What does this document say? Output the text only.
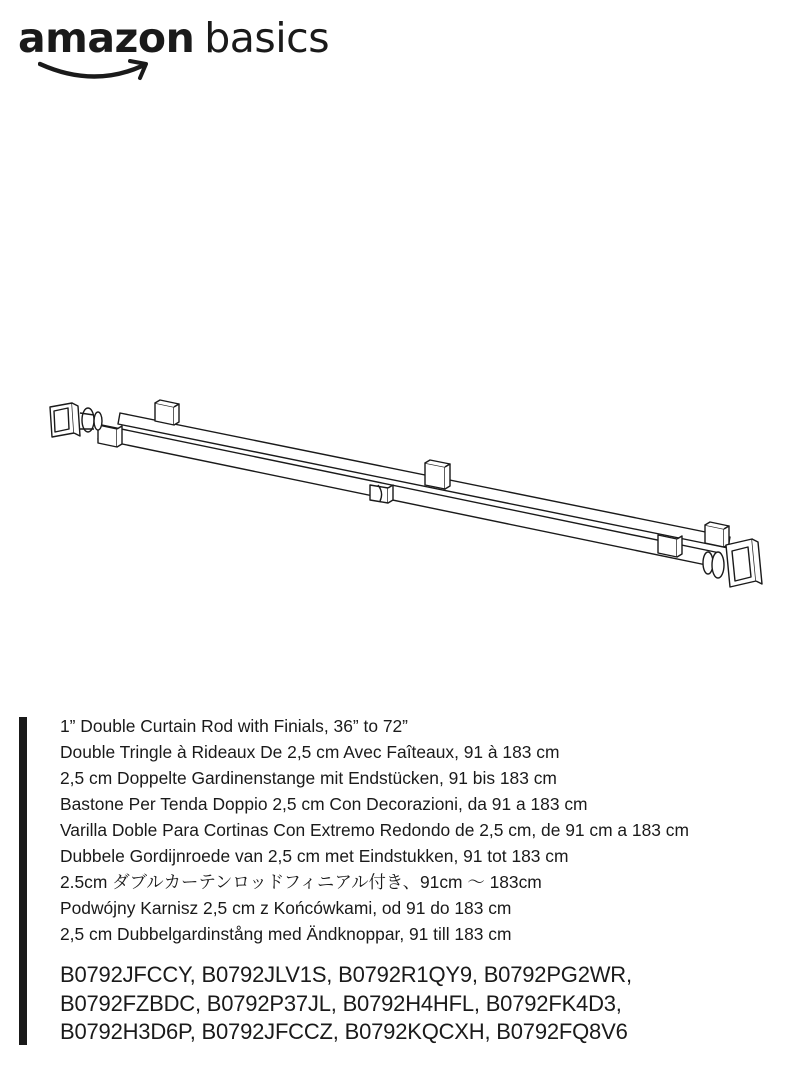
amazon basics
1” Double Curtain Rod with Finials, 36” to 72”
Double Tringle à Rideaux De 2,5 cm Avec Faîteaux, 91 à 183 cm
2,5 cm Doppelte Gardinenstange mit Endstücken, 91 bis 183 cm
Bastone Per Tenda Doppio 2,5 cm Con Decorazioni, da 91 a 183 cm
Varilla Doble Para Cortinas Con Extremo Redondo de 2,5 cm, de 91 cm a 183 cm
Dubbele Gordijnroede van 2,5 cm met Eindstukken, 91 tot 183 cm
2.5cm ダブルカーテンロッドフィニアル付き、91cm ～ 183cm
Podwójny Karnisz 2,5 cm z Końcówkami, od 91 do 183 cm
2,5 cm Dubbelgardinstång med Ändknoppar, 91 till 183 cm
B0792JFCCY, B0792JLV1S, B0792R1QY9, B0792PG2WR,
B0792FZBDC, B0792P37JL, B0792H4HFL, B0792FK4D3,
B0792H3D6P, B0792JFCCZ, B0792KQCXH, B0792FQ8V6
